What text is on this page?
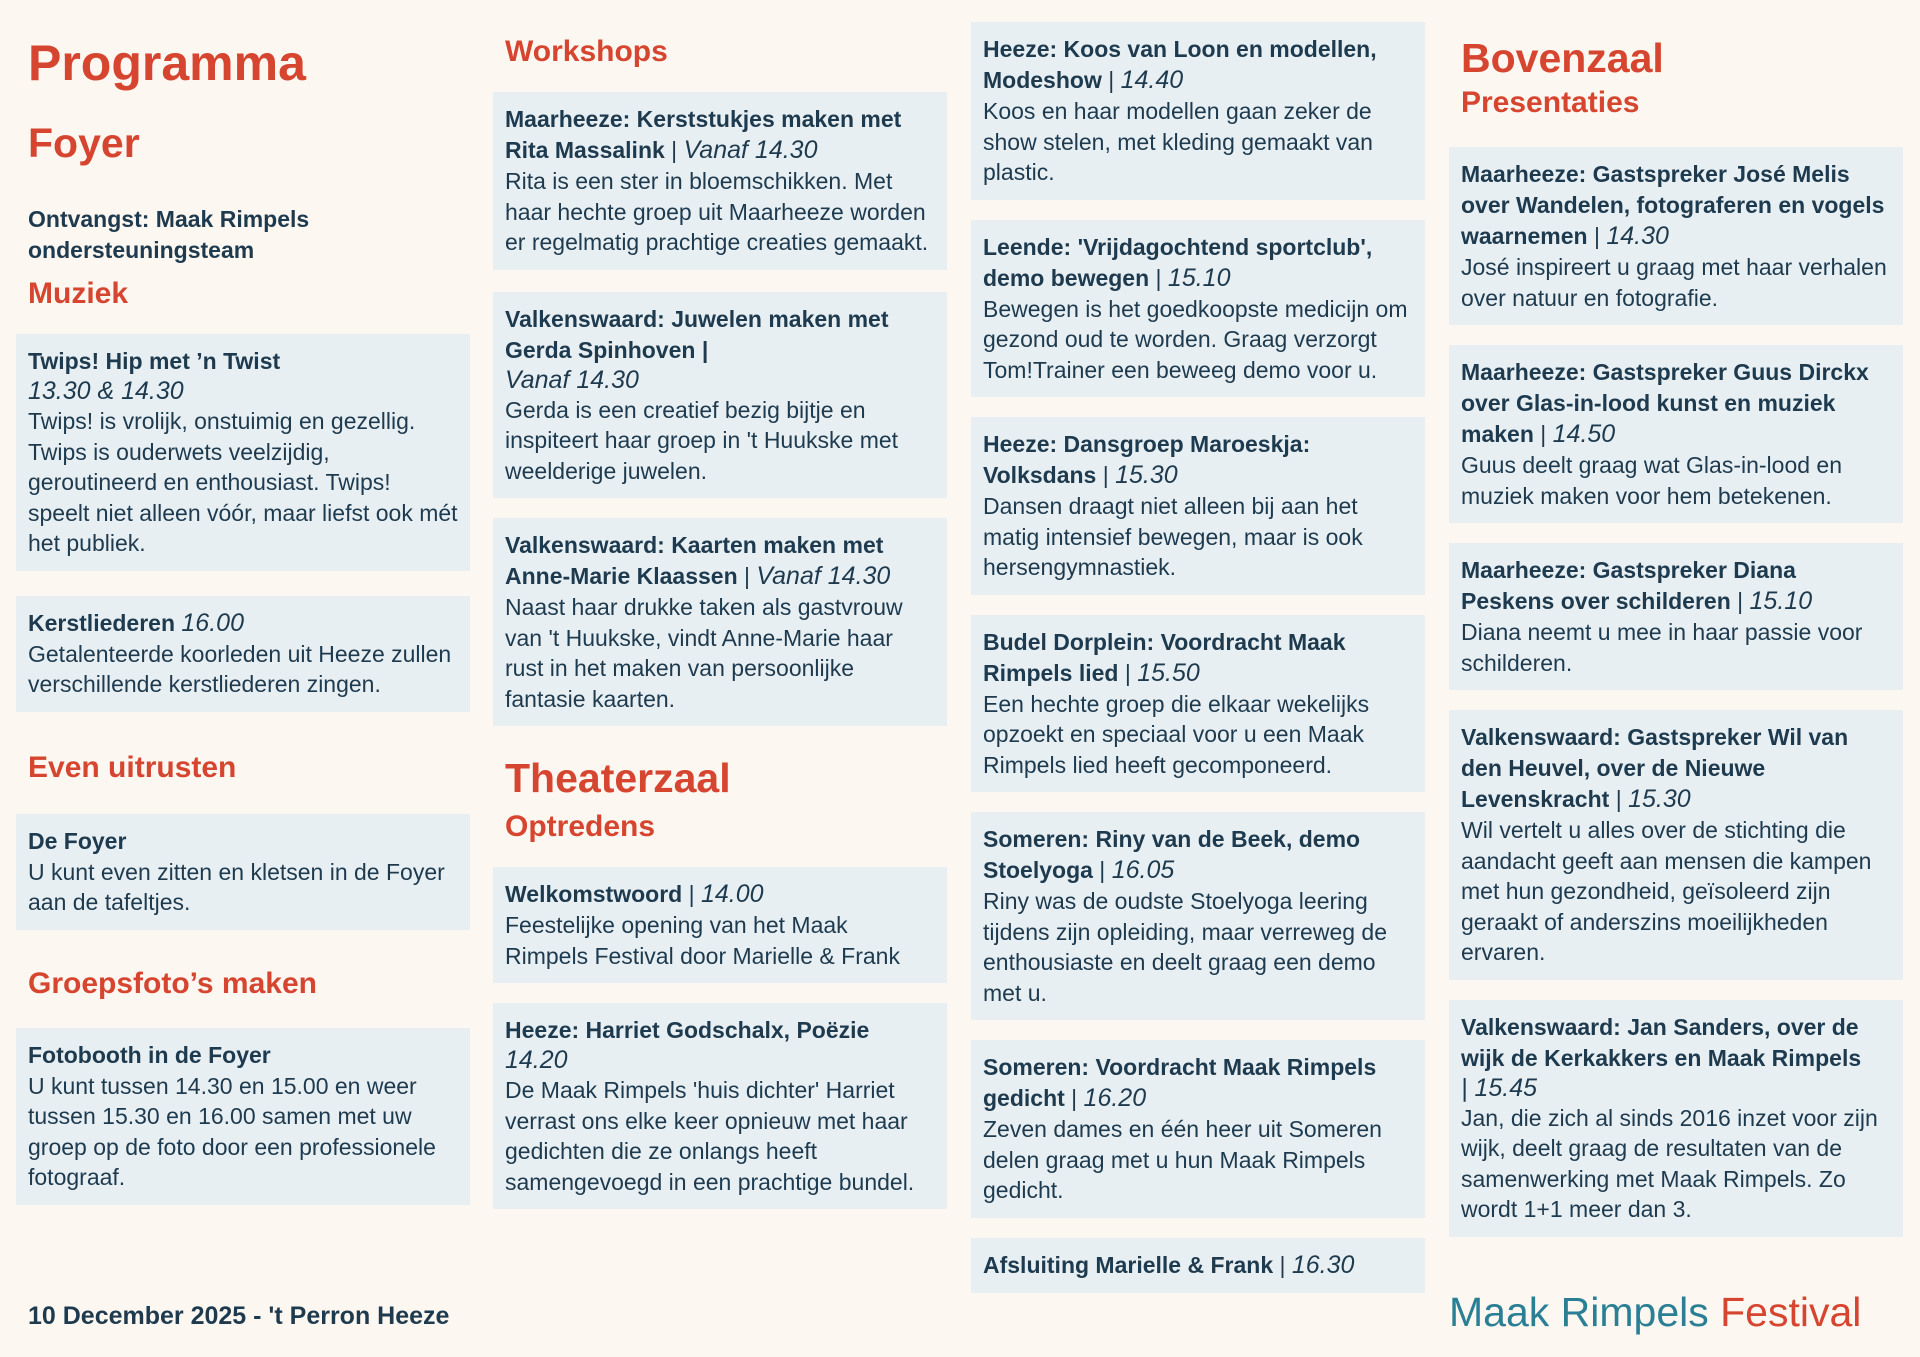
Programma
Foyer
Ontvangst: Maak Rimpels ondersteuningsteam
Muziek
Twips! Hip met ’n Twist
13.30 & 14.30
Twips! is vrolijk, onstuimig en gezellig. Twips is ouderwets veelzijdig, geroutineerd en enthousiast. Twips! speelt niet alleen vóór, maar liefst ook mét het publiek.
Kerstliederen 16.00
Getalenteerde koorleden uit Heeze zullen verschillende kerstliederen zingen.
Even uitrusten
De Foyer
U kunt even zitten en kletsen in de Foyer aan de tafeltjes.
Groepsfoto’s maken
Fotobooth in de Foyer
U kunt tussen 14.30 en 15.00 en weer tussen 15.30 en 16.00 samen met uw groep op de foto door een professionele fotograaf.
Workshops
Maarheeze: Kerststukjes maken met Rita Massalink | Vanaf 14.30
Rita is een ster in bloemschikken. Met haar hechte groep uit Maarheeze worden er regelmatig prachtige creaties gemaakt.
Valkenswaard: Juwelen maken met Gerda Spinhoven |
Vanaf 14.30
Gerda is een creatief bezig bijtje en inspiteert haar groep in 't Huukske met weelderige juwelen.
Valkenswaard: Kaarten maken met Anne-Marie Klaassen | Vanaf 14.30
Naast haar drukke taken als gastvrouw van 't Huukske, vindt Anne-Marie haar rust in het maken van persoonlijke fantasie kaarten.
Theaterzaal
Optredens
Welkomstwoord | 14.00
Feestelijke opening van het Maak Rimpels Festival door Marielle & Frank
Heeze: Harriet Godschalx, Poëzie
14.20
De Maak Rimpels 'huis dichter' Harriet verrast ons elke keer opnieuw met haar gedichten die ze onlangs heeft samengevoegd in een prachtige bundel.
Heeze: Koos van Loon en modellen, Modeshow | 14.40
Koos en haar modellen gaan zeker de show stelen, met kleding gemaakt van plastic.
Leende: 'Vrijdagochtend sportclub', demo bewegen | 15.10
Bewegen is het goedkoopste medicijn om gezond oud te worden. Graag verzorgt Tom!Trainer een beweeg demo voor u.
Heeze: Dansgroep Maroeskja: Volksdans | 15.30
Dansen draagt niet alleen bij aan het matig intensief bewegen, maar is ook hersengymnastiek.
Budel Dorplein: Voordracht Maak Rimpels lied | 15.50
Een hechte groep die elkaar wekelijks opzoekt en speciaal voor u een Maak Rimpels lied heeft gecomponeerd.
Someren: Riny van de Beek, demo Stoelyoga | 16.05
Riny was de oudste Stoelyoga leering tijdens zijn opleiding, maar verreweg de enthousiaste en deelt graag een demo met u.
Someren: Voordracht Maak Rimpels gedicht | 16.20
Zeven dames en één heer uit Someren delen graag met u hun Maak Rimpels gedicht.
Afsluiting Marielle & Frank | 16.30
Bovenzaal
Presentaties
Maarheeze: Gastspreker José Melis over Wandelen, fotograferen en vogels waarnemen | 14.30
José inspireert u graag met haar verhalen over natuur en fotografie.
Maarheeze: Gastspreker Guus Dirckx over Glas-in-lood kunst en muziek maken | 14.50
Guus deelt graag wat Glas-in-lood en muziek maken voor hem betekenen.
Maarheeze: Gastspreker Diana Peskens over schilderen | 15.10
Diana neemt u mee in haar passie voor schilderen.
Valkenswaard: Gastspreker Wil van den Heuvel, over de Nieuwe Levenskracht | 15.30
Wil vertelt u alles over de stichting die aandacht geeft aan mensen die kampen met hun gezondheid, geïsoleerd zijn geraakt of anderszins moeilijkheden ervaren.
Valkenswaard: Jan Sanders, over de wijk de Kerkakkers en Maak Rimpels
| 15.45
Jan, die zich al sinds 2016 inzet voor zijn wijk, deelt graag de resultaten van de samenwerking met Maak Rimpels. Zo wordt 1+1 meer dan 3.
10 December 2025 - 't Perron Heeze	Maak Rimpels Festival
